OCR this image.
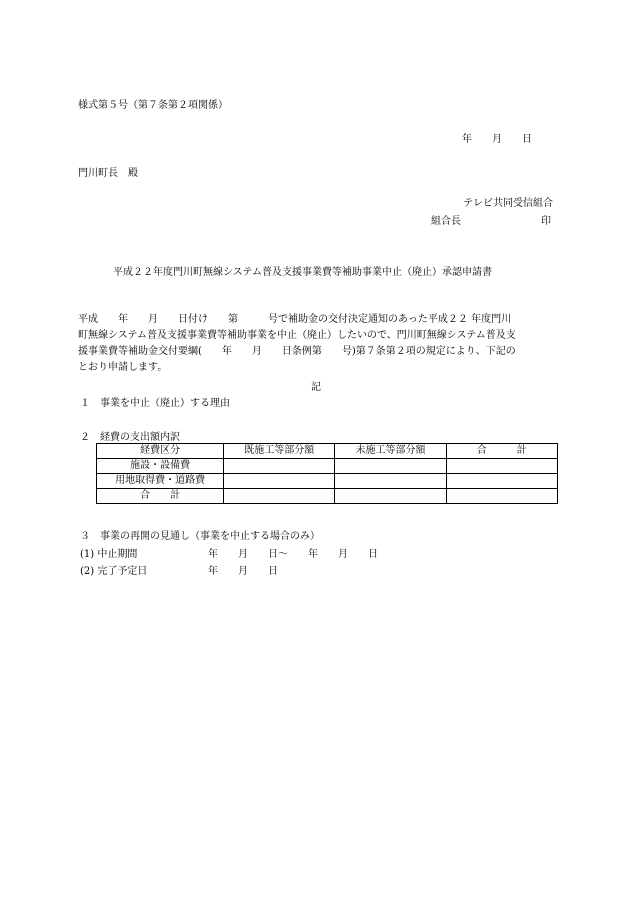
様式第５号（第７条第２項関係）
年　　月　　日
門川町長　殿
テレビ共同受信組合
組合長	印
平成２２年度門川町無線システム普及支援事業費等補助事業中止（廃止）承認申請書
平成　　年　　月　　日付け　　第　　　号で補助金の交付決定通知のあった平成２２ 年度門川
町無線システム普及支援事業費等補助事業を中止（廃止）したいので、門川町無線システム普及支
援事業費等補助金交付要綱(　　年　　月　　日条例第　　号)第７条第２項の規定により、下記の
とおり申請します。
記
１　事業を中止（廃止）する理由
２　経費の支出額内訳
経費区分	既施工等部分額	未施工等部分額	合　　　計
施設・設備費			
用地取得費・道路費			
合　　計			
３　事業の再開の見通し（事業を中止する場合のみ）
(1) 中止期間	年　　月　　日～　　年　　月　　日
(2) 完了予定日	年　　月　　日
